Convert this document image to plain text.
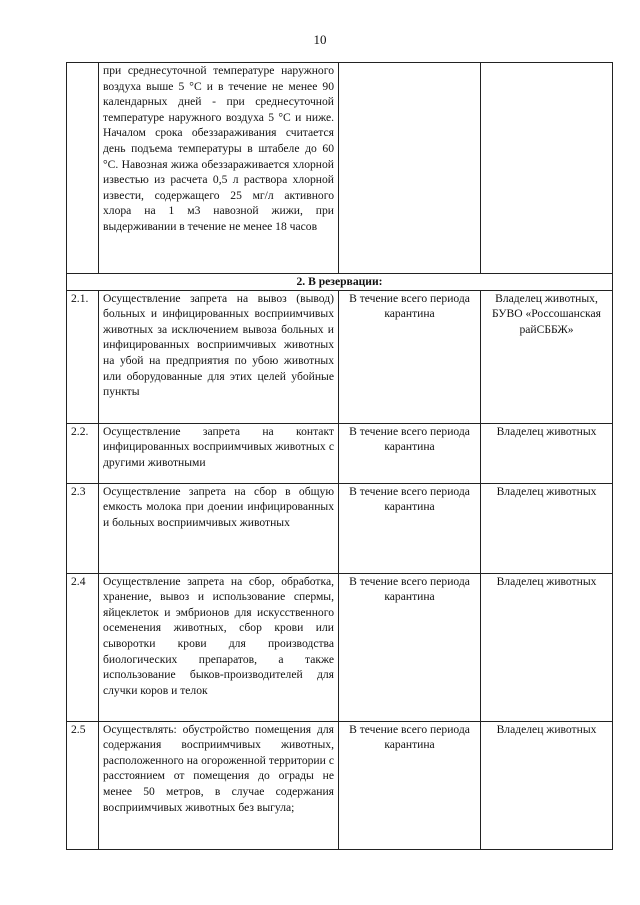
10
	при среднесуточной температуре наружного воздуха выше 5 °С и в течение не менее 90 календарных дней - при среднесуточной температуре наружного воздуха 5 °С и ниже. Началом срока обеззараживания считается день подъема температуры в штабеле до 60 °С. Навозная жижа обеззараживается хлорной известью из расчета 0,5 л раствора хлорной извести, содержащего 25 мг/л активного хлора на 1 м3 навозной жижи, при выдерживании в течение не менее 18 часов		
2. В резервации:			
2.1.	Осуществление запрета на вывоз (вывод) больных и инфицированных восприимчивых животных за исключением вывоза больных и инфицированных восприимчивых животных на убой на предприятия по убою животных или оборудованные для этих целей убойные пункты	В течение всего периода карантина	Владелец животных, БУВО «Россошанская райСББЖ»
2.2.	Осуществление запрета на контакт инфицированных восприимчивых животных с другими животными	В течение всего периода карантина	Владелец животных
2.3	Осуществление запрета на сбор в общую емкость молока при доении инфицированных и больных восприимчивых животных	В течение всего периода карантина	Владелец животных
2.4	Осуществление запрета на сбор, обработка, хранение, вывоз и использование спермы, яйцеклеток и эмбрионов для искусственного осеменения животных, сбор крови или сыворотки крови для производства биологических препаратов, а также использование быков-производителей для случки коров и телок	В течение всего периода карантина	Владелец животных
2.5	Осуществлять: обустройство помещения для содержания восприимчивых животных, расположенного на огороженной территории с расстоянием от помещения до ограды не менее 50 метров, в случае содержания восприимчивых животных без выгула;	В течение всего периода карантина	Владелец животных
